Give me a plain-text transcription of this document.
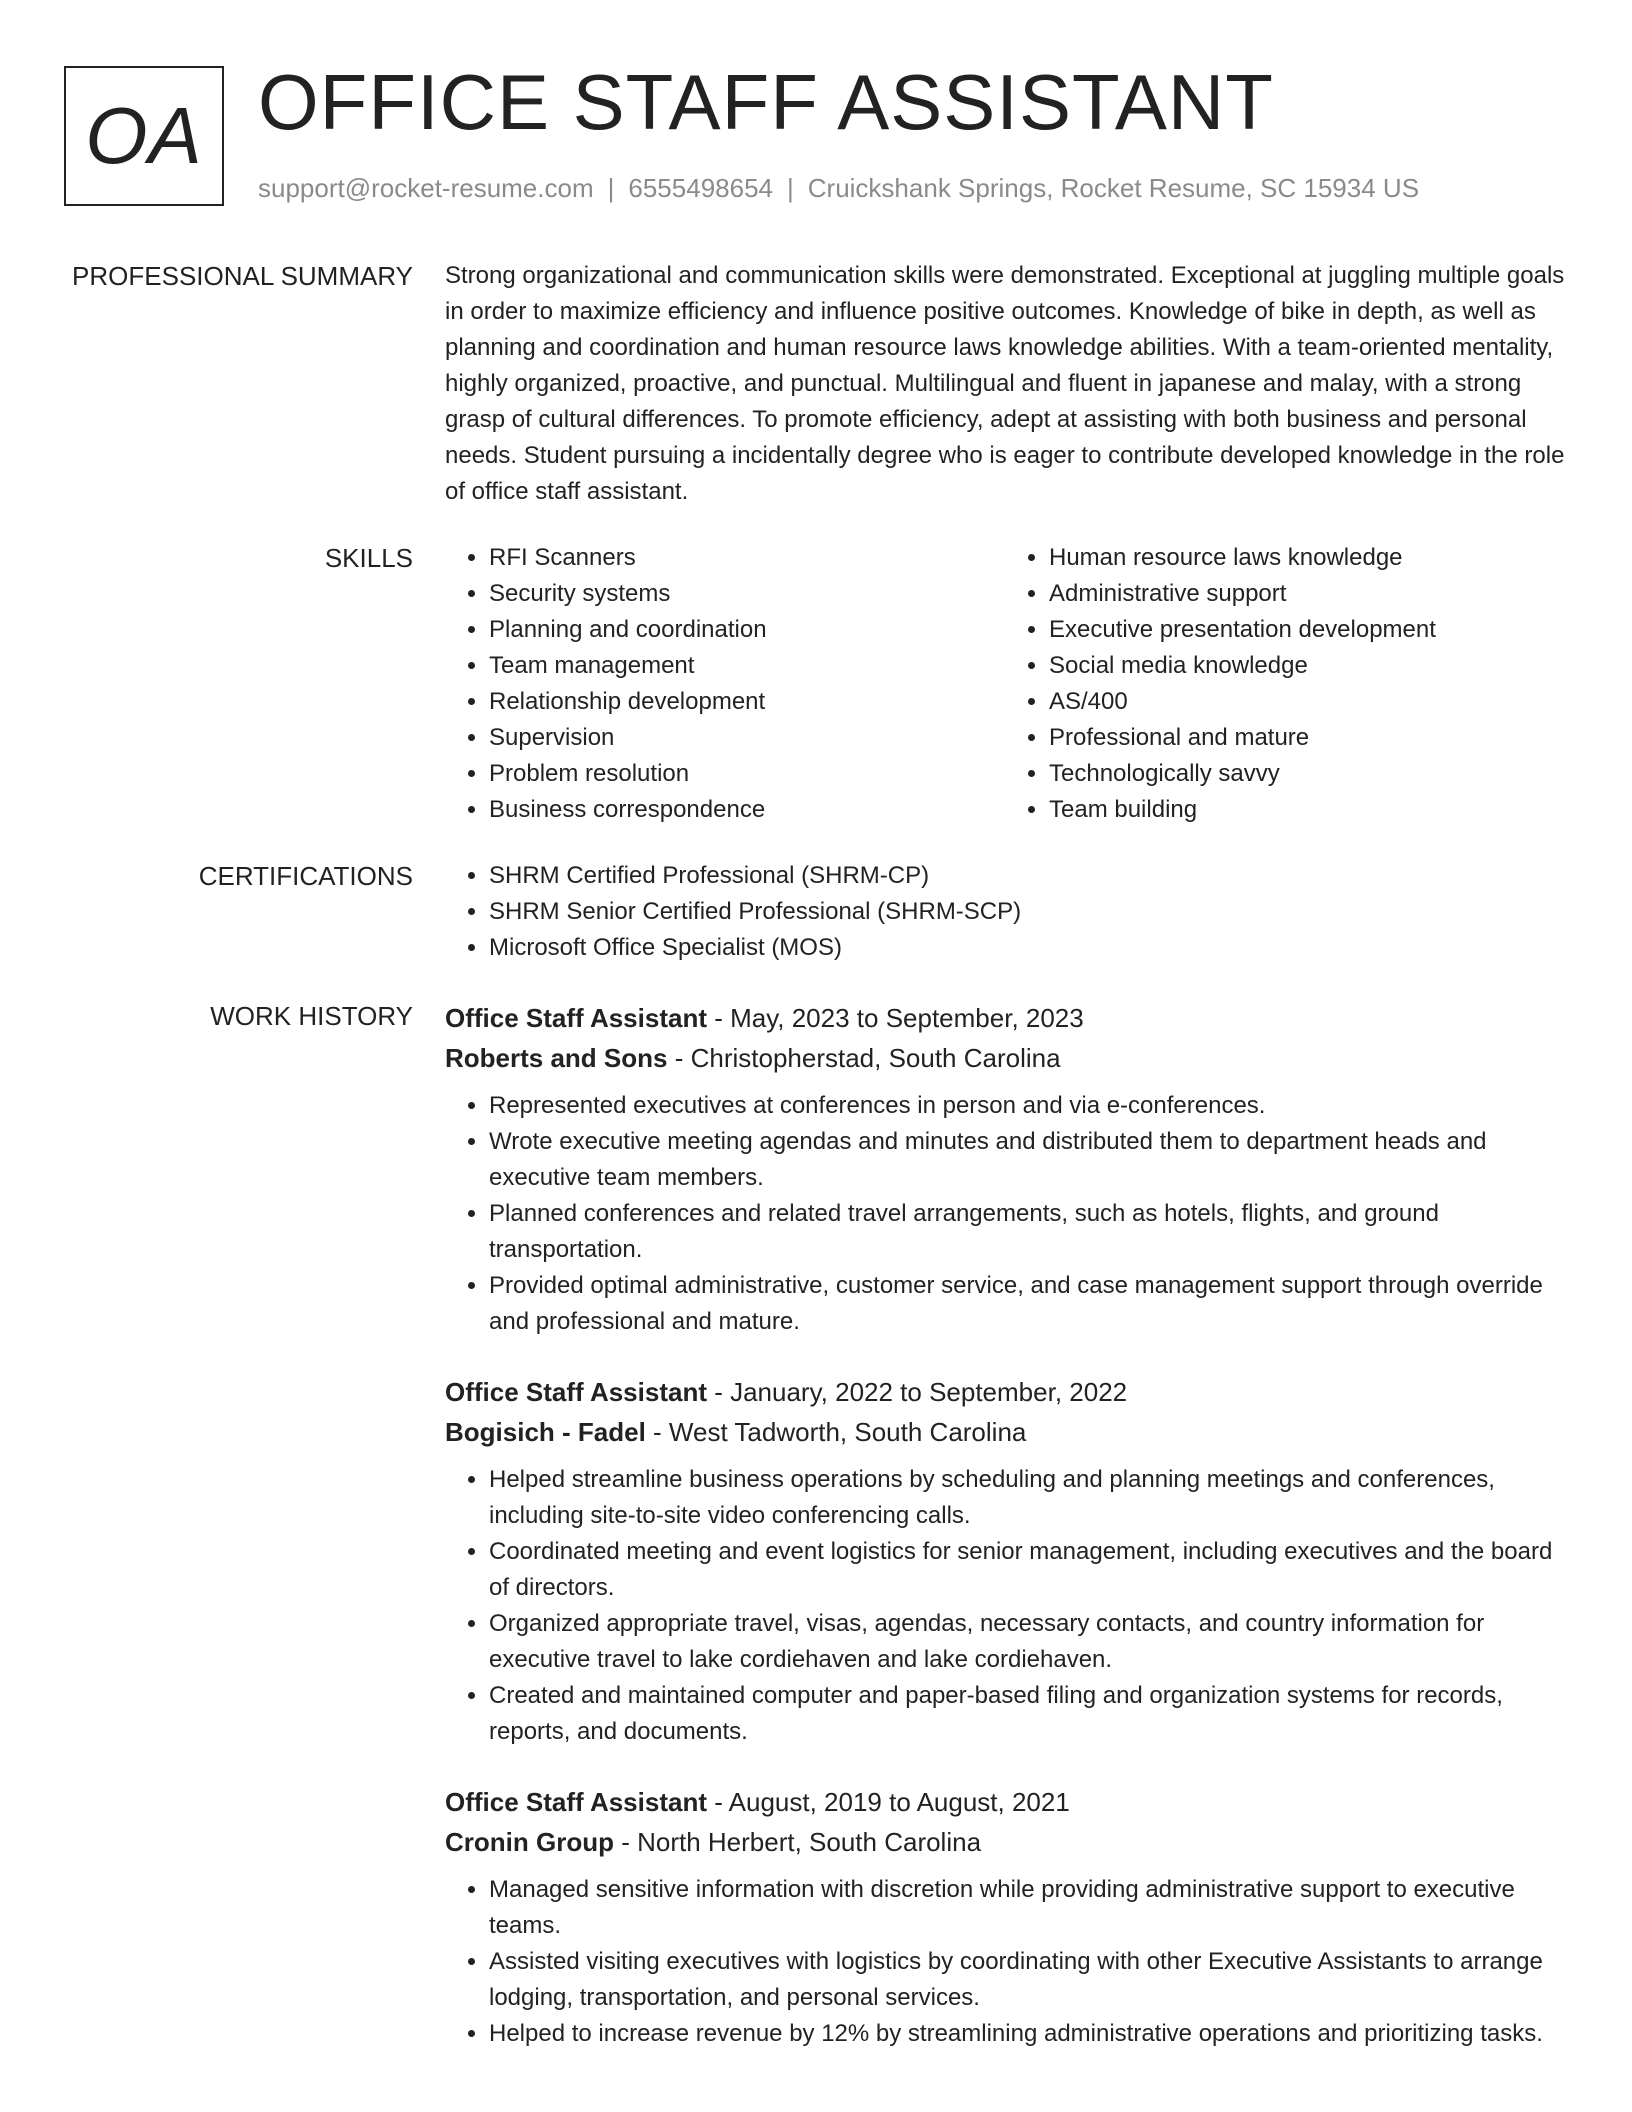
OA OFFICE STAFF ASSISTANT
support@rocket-resume.com | 6555498654 | Cruickshank Springs, Rocket Resume, SC 15934 US
PROFESSIONAL SUMMARY Strong organizational and communication skills were demonstrated. Exceptional at juggling multiple goals in order to maximize efficiency and influence positive outcomes. Knowledge of bike in depth, as well as planning and coordination and human resource laws knowledge abilities. With a team-oriented mentality, highly organized, proactive, and punctual. Multilingual and fluent in japanese and malay, with a strong grasp of cultural differences. To promote efficiency, adept at assisting with both business and personal needs. Student pursuing a incidentally degree who is eager to contribute developed knowledge in the role of office staff assistant.

SKILLS	• RFI Scanners
• Security systems
• Planning and coordination
• Team management
• Relationship development
• Supervision
• Problem resolution
• Business correspondence
• Human resource laws knowledge
• Administrative support
• Executive presentation development
• Social media knowledge
• AS/400
• Professional and mature
• Technologically savvy
• Team building
CERTIFICATIONS	• SHRM Certified Professional (SHRM-CP)
• SHRM Senior Certified Professional (SHRM-SCP)
• Microsoft Office Specialist (MOS)
WORK HISTORY Office Staff Assistant - May, 2023 to September, 2023
Roberts and Sons - Christopherstad, South Carolina
• Represented executives at conferences in person and via e-conferences.
• Wrote executive meeting agendas and minutes and distributed them to department heads and executive team members.
• Planned conferences and related travel arrangements, such as hotels, flights, and ground transportation.
• Provided optimal administrative, customer service, and case management support through override and professional and mature.
Office Staff Assistant - January, 2022 to September, 2022
Bogisich - Fadel - West Tadworth, South Carolina
• Helped streamline business operations by scheduling and planning meetings and conferences, including site-to-site video conferencing calls.
• Coordinated meeting and event logistics for senior management, including executives and the board of directors.
• Organized appropriate travel, visas, agendas, necessary contacts, and country information for executive travel to lake cordiehaven and lake cordiehaven.
• Created and maintained computer and paper-based filing and organization systems for records, reports, and documents.
Office Staff Assistant - August, 2019 to August, 2021
Cronin Group - North Herbert, South Carolina
• Managed sensitive information with discretion while providing administrative support to executive teams.
• Assisted visiting executives with logistics by coordinating with other Executive Assistants to arrange lodging, transportation, and personal services.
• Helped to increase revenue by 12% by streamlining administrative operations and prioritizing tasks.
